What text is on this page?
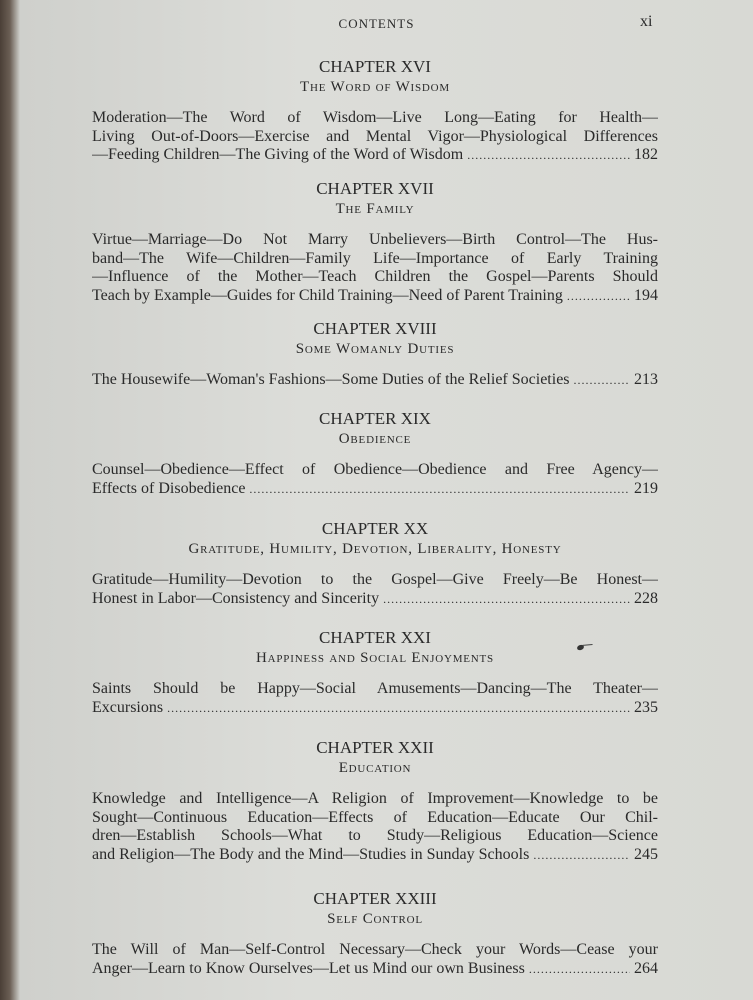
CONTENTS	xi
CHAPTER XVI
The Word of Wisdom
Moderation—The Word of Wisdom—Live Long—Eating for Health—
Living Out-of-Doors—Exercise and Mental Vigor—Physiological Differences
—Feeding Children—The Giving of the Word of Wisdom .....	182
CHAPTER XVII
The Family
Virtue—Marriage—Do Not Marry Unbelievers—Birth Control—The Hus-
band—The Wife—Children—Family Life—Importance of Early Training
—Influence of the Mother—Teach Children the Gospel—Parents Should
Teach by Example—Guides for Child Training—Need of Parent Training .....	194
CHAPTER XVIII
Some Womanly Duties
The Housewife—Woman's Fashions—Some Duties of the Relief Societies .....	213
CHAPTER XIX
Obedience
Counsel—Obedience—Effect of Obedience—Obedience and Free Agency—
Effects of Disobedience .....	219
CHAPTER XX
Gratitude, Humility, Devotion, Liberality, Honesty
Gratitude—Humility—Devotion to the Gospel—Give Freely—Be Honest—
Honest in Labor—Consistency and Sincerity .....	228
CHAPTER XXI
Happiness and Social Enjoyments
Saints Should be Happy—Social Amusements—Dancing—The Theater—
Excursions .....	235
CHAPTER XXII
Education
Knowledge and Intelligence—A Religion of Improvement—Knowledge to be
Sought—Continuous Education—Effects of Education—Educate Our Chil-
dren—Establish Schools—What to Study—Religious Education—Science
and Religion—The Body and the Mind—Studies in Sunday Schools .....	245
CHAPTER XXIII
Self Control
The Will of Man—Self-Control Necessary—Check your Words—Cease your
Anger—Learn to Know Ourselves—Let us Mind our own Business .....	264
